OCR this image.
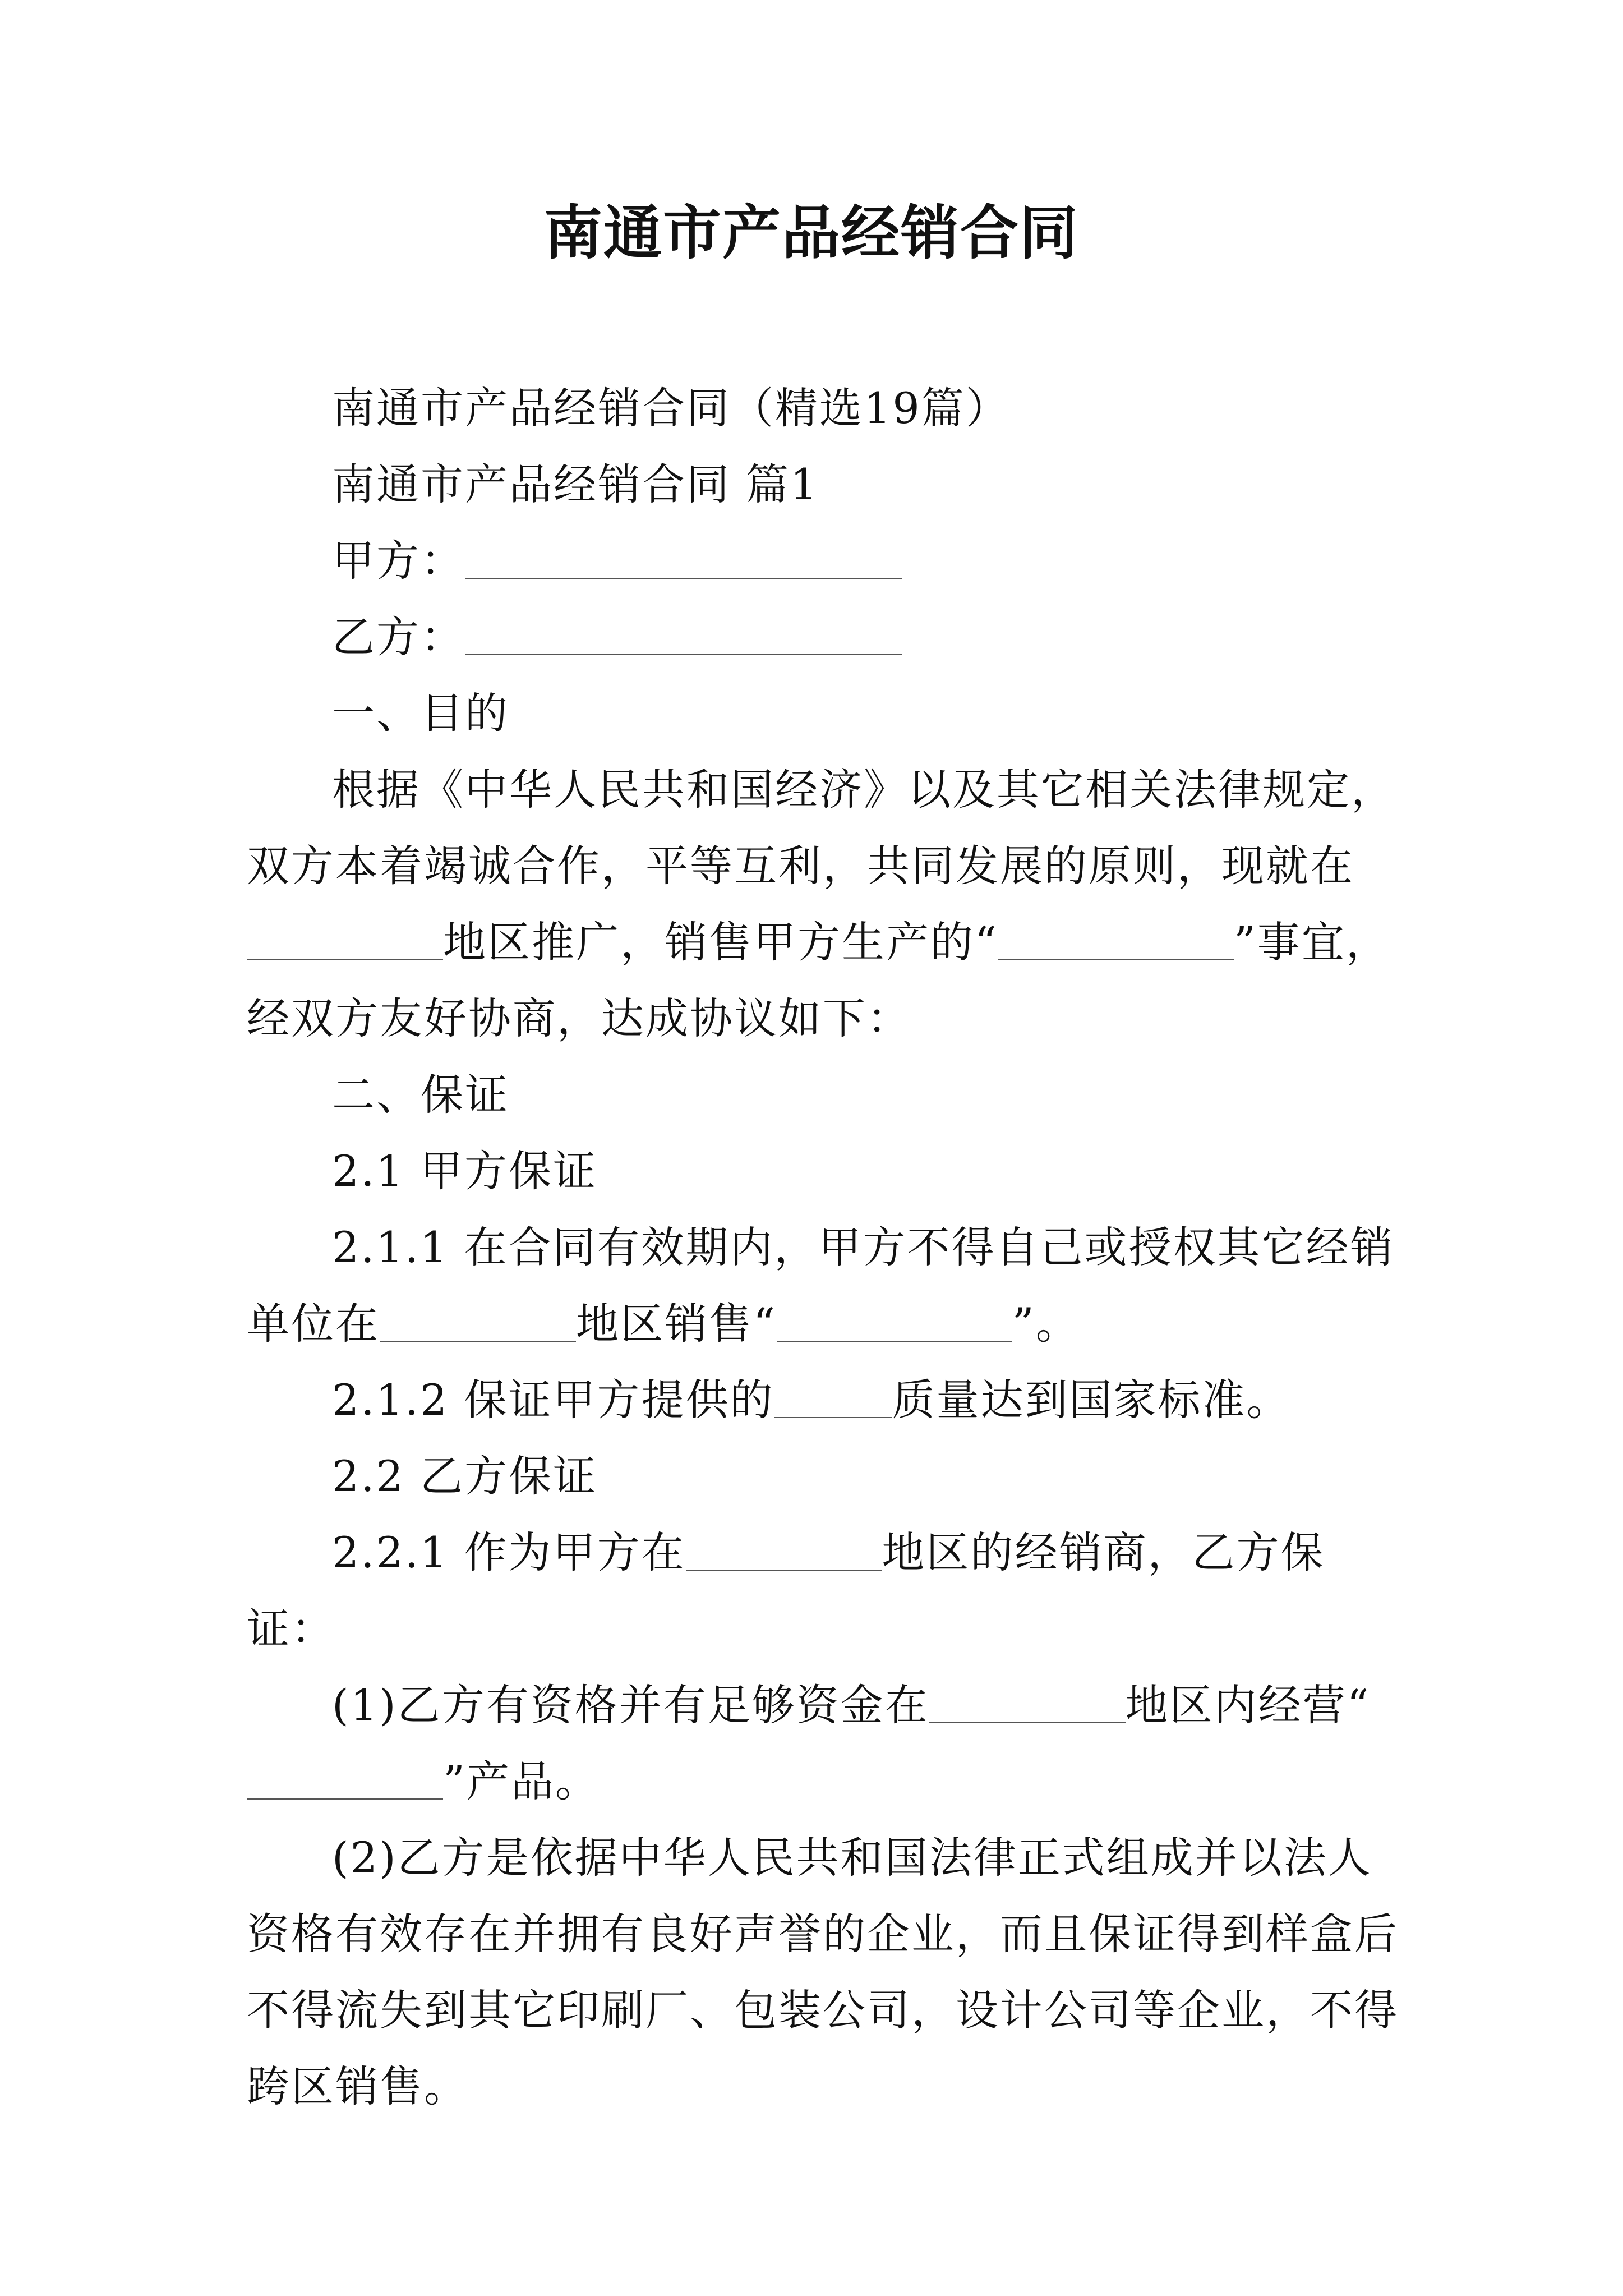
南通市产品经销合同

南通市产品经销合同（精选19篇）

南通市产品经销合同 篇1

甲方：

乙方：

一、目的

根据《中华人民共和国经济》以及其它相关法律规定，双方本着竭诚合作，平等互利，共同发展的原则，现就在地区推广，销售甲方生产的“	”事宜，经双方友好协商，达成协议如下：

二、保证

2.1 甲方保证

2.1.1 在合同有效期内，甲方不得自己或授权其它经销单位在	地区销售“	”。

2.1.2 保证甲方提供的	质量达到国家标准。

2.2 乙方保证

2.2.1 作为甲方在	地区的经销商，乙方保证：

(1)乙方有资格并有足够资金在	地区内经营“”产品。

(2)乙方是依据中华人民共和国法律正式组成并以法人资格有效存在并拥有良好声誉的企业，而且保证得到样盒后不得流失到其它印刷厂、包装公司，设计公司等企业，不得跨区销售。
